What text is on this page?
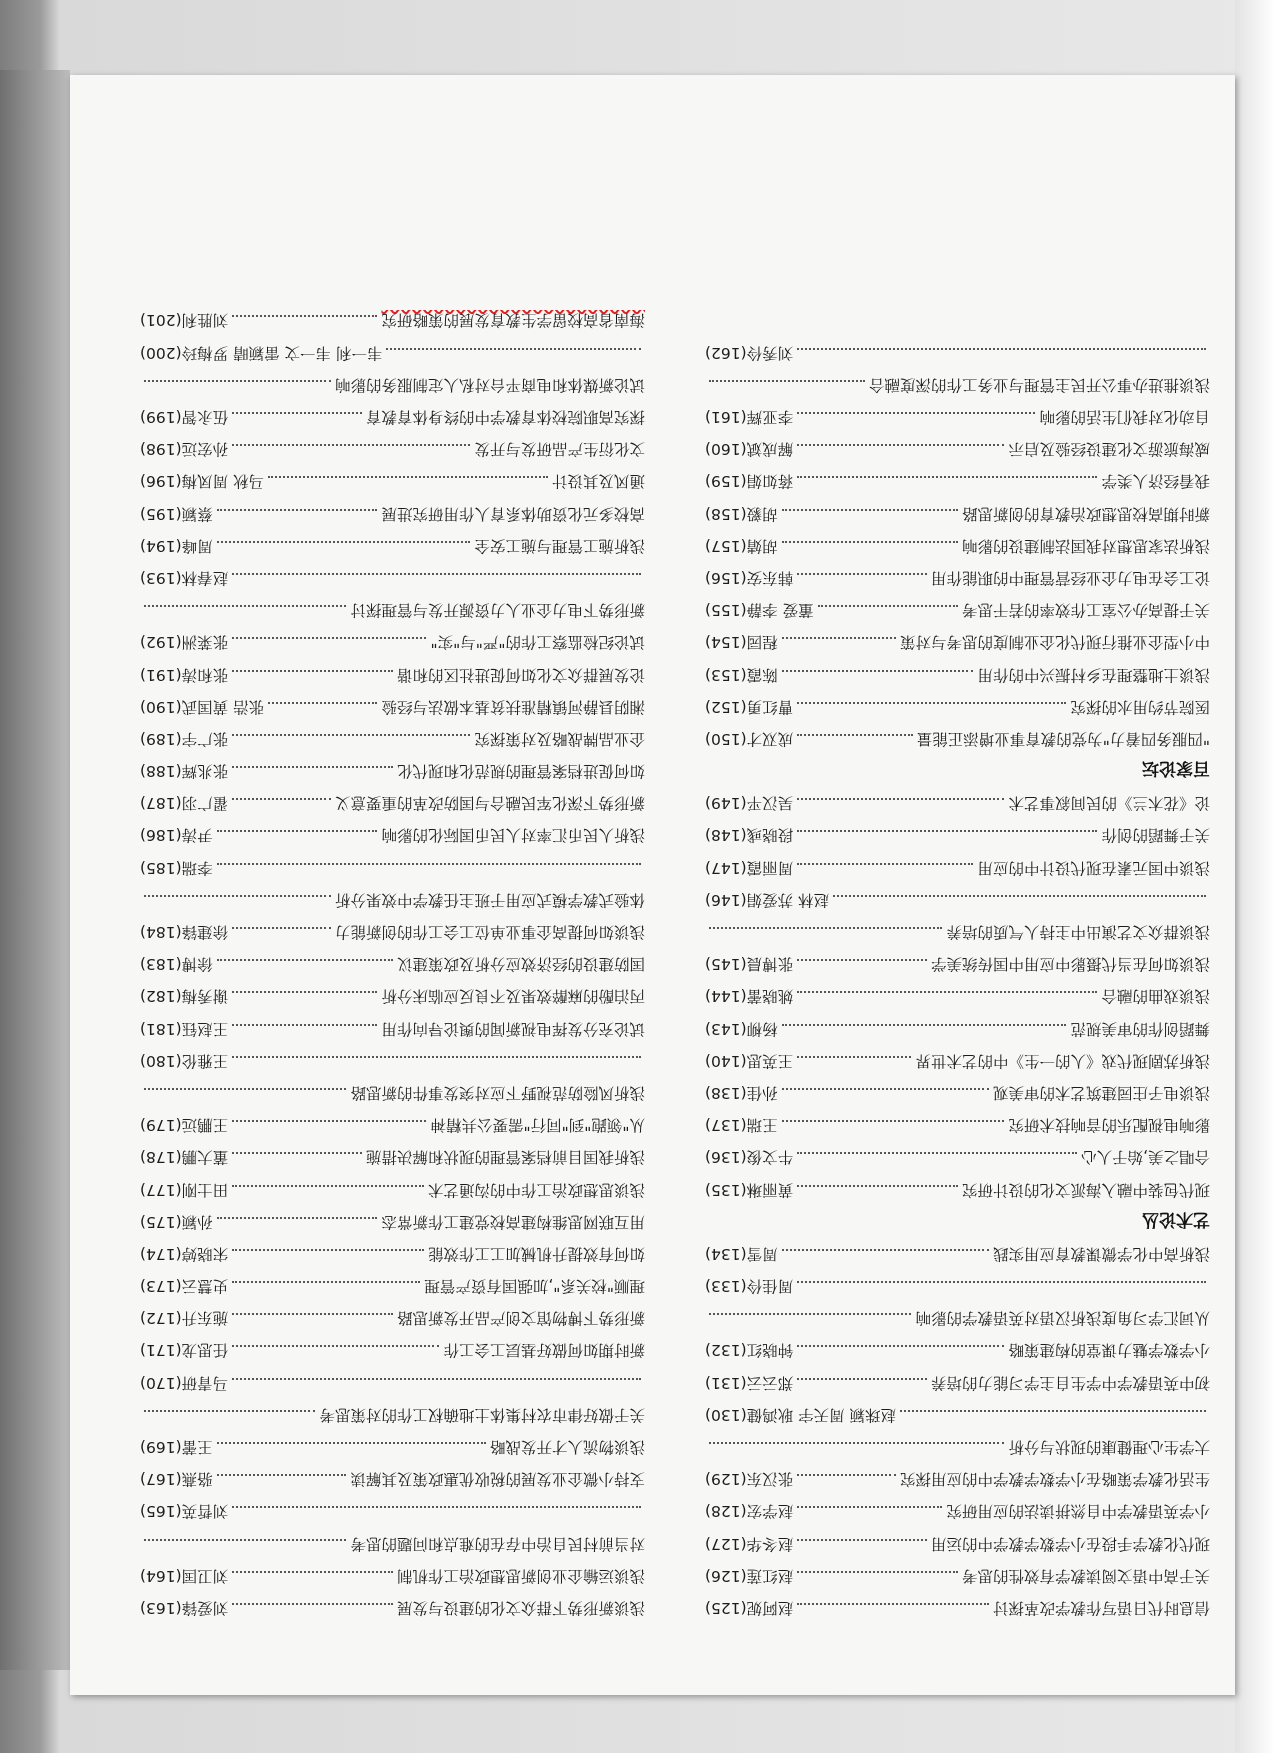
信息时代日语写作教学改革探讨
赵阿妮(125)
关于高中语文阅读教学有效性的思考
赵红莲(126)
现代化教学手段在小学数学教学中的运用
赵冬华(127)
小学英语教学中自然拼读法的应用研究
赵学宏(128)
生活化教学策略在小学数学教学中的应用探究
张汉东(129)
大学生心理健康的现状与分析
赵珠颖 周天宇 耿鸿健(130)
初中英语教学中学生自主学习能力的培养
郑云云(131)
小学数学魅力课堂的构建策略
钟晓红(132)
从词汇学习角度浅析汉语对英语教学的影响
周佳伶(133)
浅析高中化学微课教育应用实践
周雪(134)
艺术论丛
现代包装中融入海派文化的设计研究
黄丽琳(135)
合唱之美,始于人心
牛文俊(136)
影响电视配乐的音响技术研究
王瑞(137)
浅谈电子庄园建筑艺术的审美观
孙佳(138)
浅析苏剧现代戏《人的一生》中的艺术世界
王英思(140)
舞蹈创作的审美规范
杨柳(143)
浅谈戏曲的融合
姚晓蕾(144)
浅谈如何在当代摄影中应用中国传统美学
张博晨(145)
浅谈群众文艺演出中主持人气质的培养
赵林 苏爱娟(146)
浅谈中国元素在现代设计中的应用
周丽霞(147)
关于舞蹈的创作
段晓彧(148)
论《花木兰》的民间叙事艺术
吴汉平(149)
百家论坛
"四服务四着力"为党的教育事业增添正能量
成双才(150)
医院节约用水的探究
曹红勇(152)
浅谈土地整理在乡村振兴中的作用
陈霞(153)
中小型企业推行现代化企业制度的思考与对策
程园(154)
关于提高办公室工作效率的若干思考
董爱 李静(155)
论工会在电力企业经营管理中的职能作用
韩东安(156)
浅析法家思想对我国法制建设的影响
胡婧(157)
新时期高校思想政治教育的创新思路
胡毅(158)
我看经济人类学
蒋如娟(159)
威海旅游文化建设经验及启示
解成斌(160)
自动化对我们生活的影响
李亚辉(161)
浅谈推进办事公开民主管理与业务工作的深度融合
刘秀伶(162)
浅谈新形势下群众文化的建设与发展
刘爱锋(163)
浅谈运输企业创新思想政治工作机制
刘卫国(164)
对当前村民自治中存在的难点和问题的思考
刘哲英(165)
支持小微企业发展的税收优惠政策及其解读
骆燕(167)
浅谈物流人才开发战略
王蕾(169)
关于做好律市农村集体土地确权工作的对策思考
马青研(170)
新时期如何做好基层工会工作
任思龙(171)
新形势下博物馆文创产品开发新思路
施东升(172)
理顺"校关系",加强国有资产管理
史慧云(173)
如何有效提升机械加工工作效能
宋晓婷(174)
用互联网思维构建高校党建工作新常态
孙颖(175)
浅谈思想政治工作中的沟通艺术
田士刚(177)
浅析我国目前档案管理的现状和解决措施
董大鹏(178)
从"领跑"到"同行"需要公共精神
王鹏远(179)
浅析风险防范视野下应对突发事件的新思路
王雅伦(180)
试论充分发挥电视新闻的舆论导向作用
王赵钰(181)
丙泊酚的麻醉效果及不良反应临床分析
谢秀梅(182)
国防建设的经济效应分析及政策建议
徐博(183)
浅谈如何提高企事业单位工会工作的创新能力
徐建锋(184)
体验式教学模式应用于班主任教学中效果分析
李瑞(185)
浅析人民币汇率对人民币国际化的影响
尹涛(186)
新形势下深化军民融合与国防改革的重要意义
翟广羽(187)
如何促进档案管理的规范化和现代化
张兆辉(188)
企业品牌战略及对策探究
张广宇(189)
湘阴县静河镇精准扶贫基本做法与经验
张浩 黄国武(190)
论发展群众文化如何促进社区的和谐
张和涛(191)
试论纪检监察工作的"严"与"实"
张莱洲(192)
新形势下电力企业人力资源开发与管理探讨
赵春林(193)
浅析施工管理与施工安全
周峰(194)
高校多元化资助体系育人作用研究进展
蔡颖(195)
通风及其设计
马秋 周凤梅(196)
文化衍生产品研发与开发
孙宏远(198)
探究高职院校体育教学中的终身体育教育
伍永智(199)
试论新媒体和电商平台对私人定制服务的影响
韦一利 韦一文 雷颖晴 罗梅玲(200)
海南省高校留学生教育发展的策略研究
刘胜利(201)
